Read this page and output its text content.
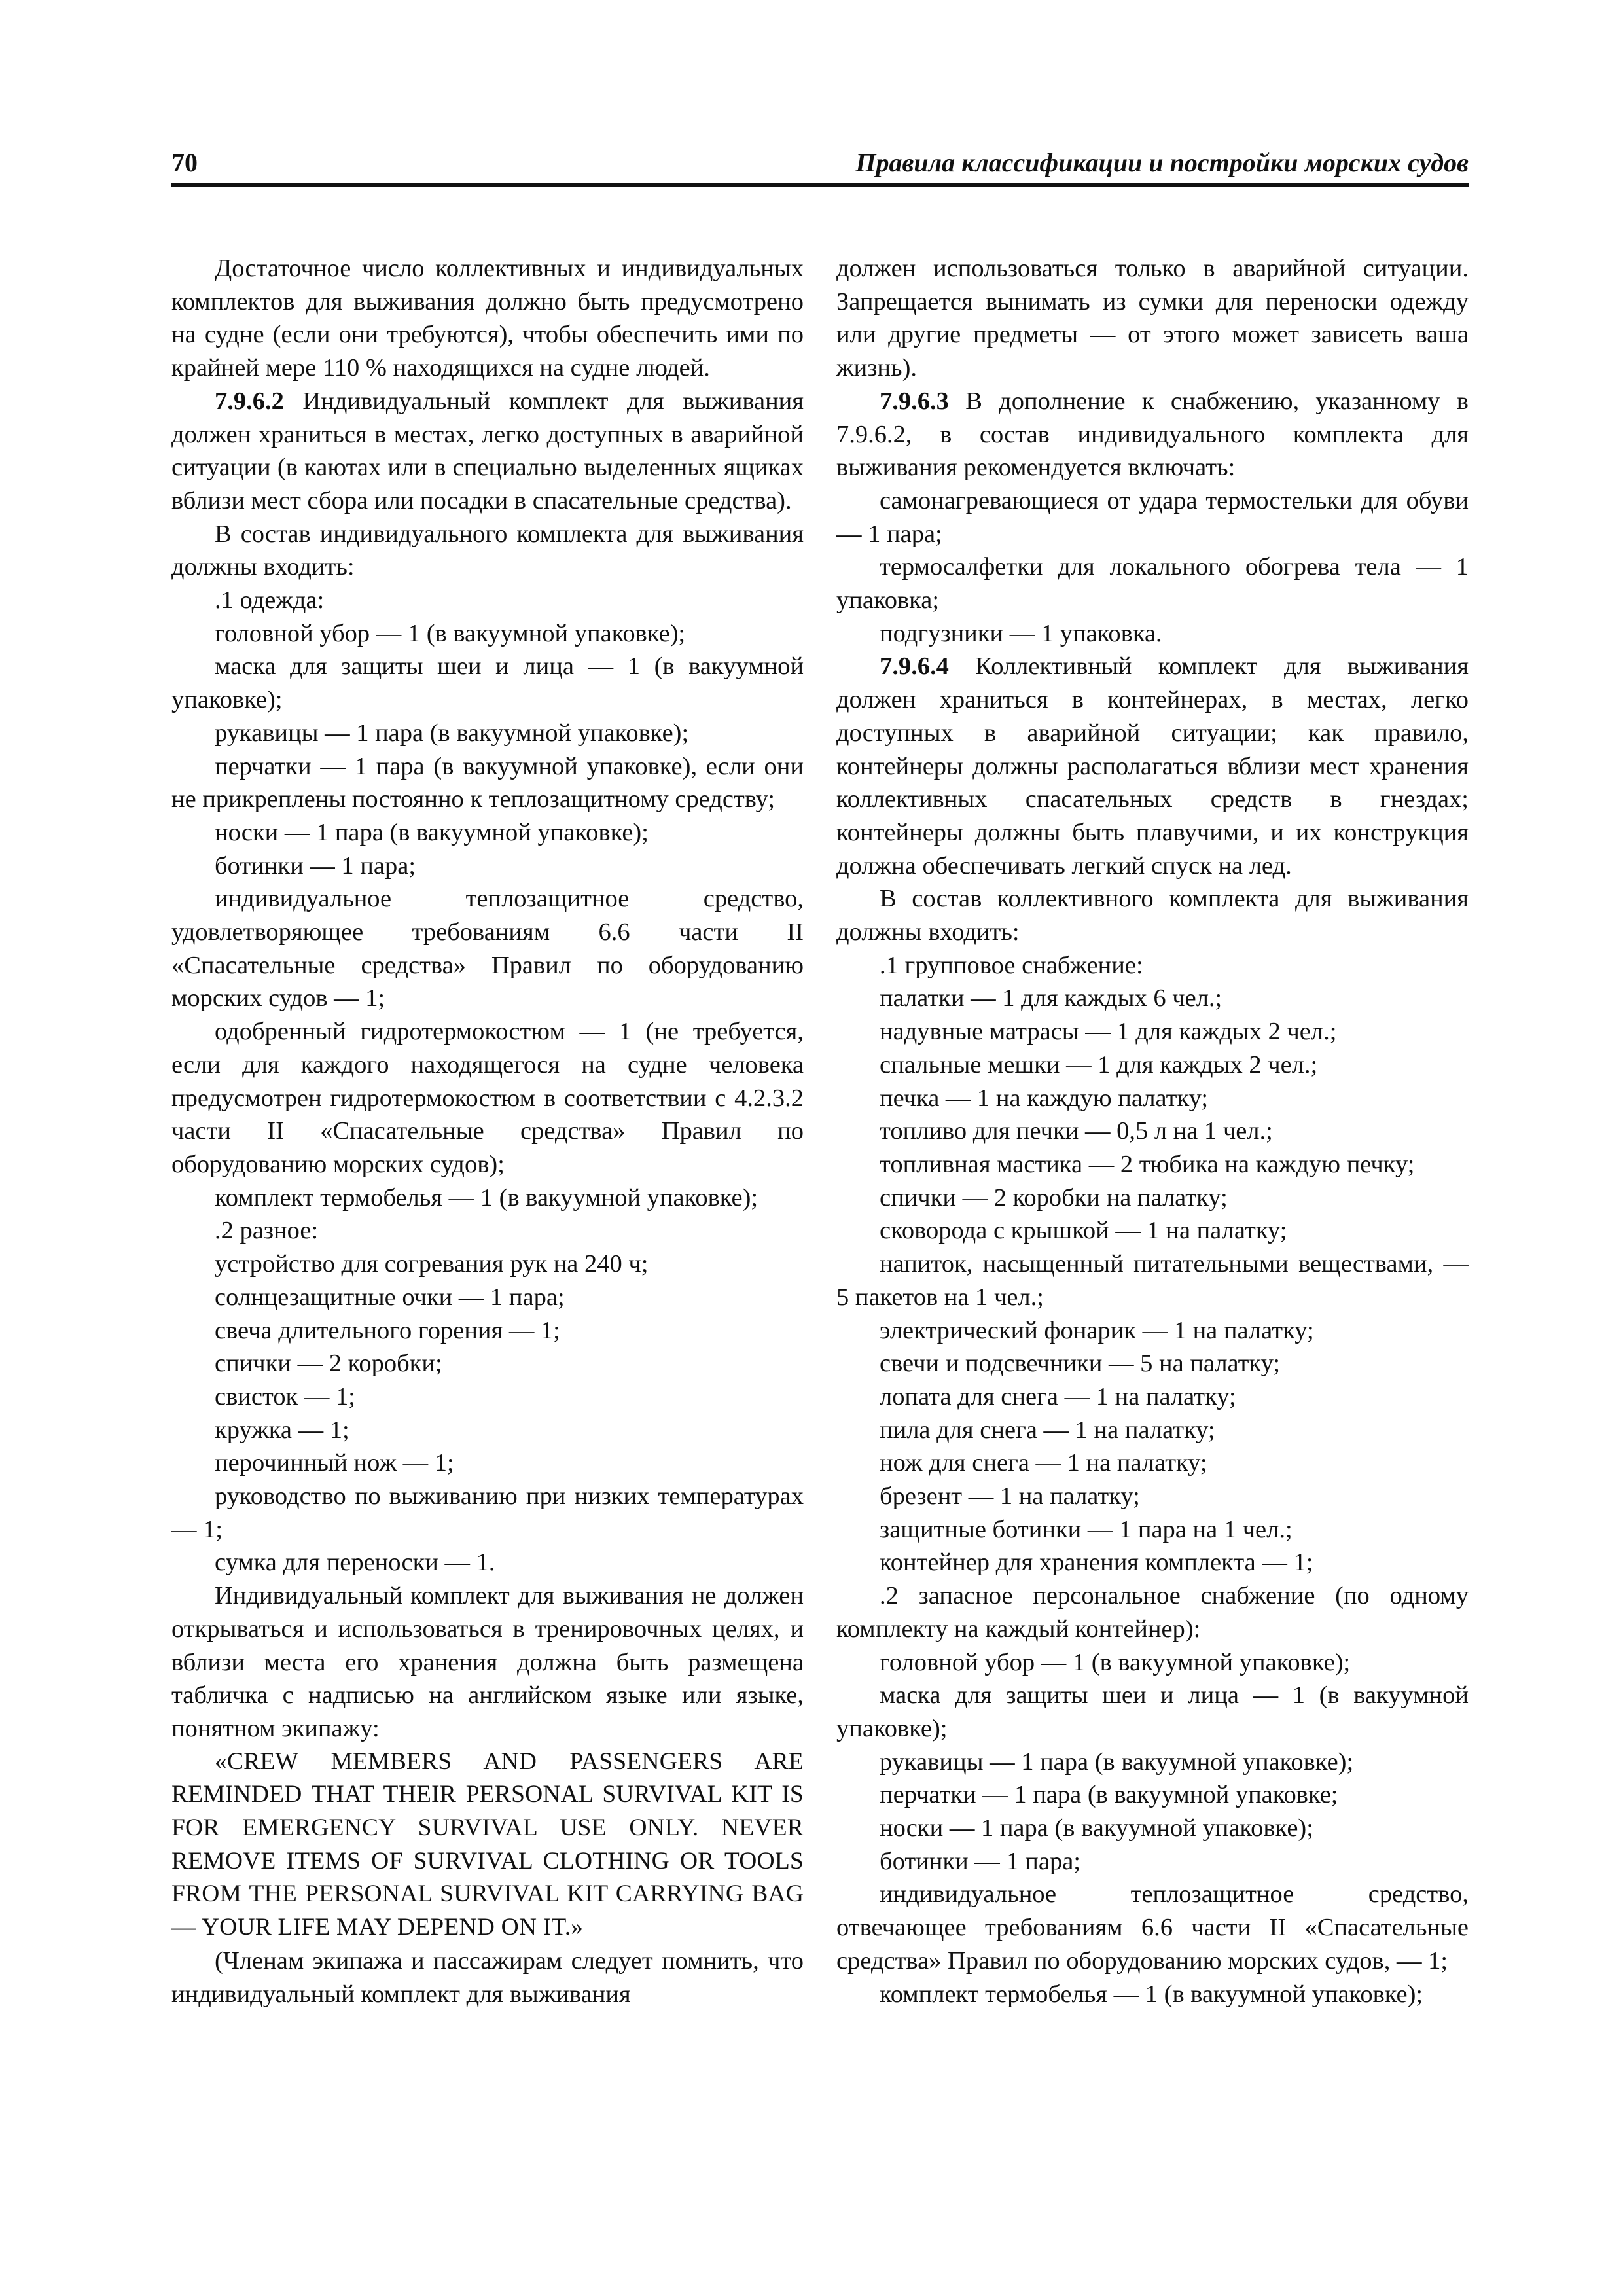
70	Правила классификации и постройки морских судов

Достаточное число коллективных и индивидуальных комплектов для выживания должно быть предусмотрено на судне (если они требуются), чтобы обеспечить ими по крайней мере 110 % находящихся на судне людей.

7.9.6.2 Индивидуальный комплект для выживания должен храниться в местах, легко доступных в аварийной ситуации (в каютах или в специально выделенных ящиках вблизи мест сбора или посадки в спасательные средства).

В состав индивидуального комплекта для выживания должны входить:

.1 одежда:

головной убор — 1 (в вакуумной упаковке);

маска для защиты шеи и лица — 1 (в вакуумной упаковке);

рукавицы — 1 пара (в вакуумной упаковке);

перчатки — 1 пара (в вакуумной упаковке), если они не прикреплены постоянно к теплозащитному средству;

носки — 1 пара (в вакуумной упаковке);

ботинки — 1 пара;

индивидуальное теплозащитное средство, удовлетворяющее требованиям 6.6 части II «Спасательные средства» Правил по оборудованию морских судов — 1;

одобренный гидротермокостюм — 1 (не требуется, если для каждого находящегося на судне человека предусмотрен гидротермокостюм в соответствии с 4.2.3.2 части II «Спасательные средства» Правил по оборудованию морских судов);

комплект термобелья — 1 (в вакуумной упаковке);

.2 разное:

устройство для согревания рук на 240 ч;

солнцезащитные очки — 1 пара;

свеча длительного горения — 1;

спички — 2 коробки;

свисток — 1;

кружка — 1;

перочинный нож — 1;

руководство по выживанию при низких температурах — 1;

сумка для переноски — 1.

Индивидуальный комплект для выживания не должен открываться и использоваться в тренировочных целях, и вблизи места его хранения должна быть размещена табличка с надписью на английском языке или языке, понятном экипажу:

«CREW MEMBERS AND PASSENGERS ARE REMINDED THAT THEIR PERSONAL SURVIVAL KIT IS FOR EMERGENCY SURVIVAL USE ONLY. NEVER REMOVE ITEMS OF SURVIVAL CLOTHING OR TOOLS FROM THE PERSONAL SURVIVAL KIT CARRYING BAG — YOUR LIFE MAY DEPEND ON IT.»

(Членам экипажа и пассажирам следует помнить, что индивидуальный комплект для выживания

должен использоваться только в аварийной ситуации. Запрещается вынимать из сумки для переноски одежду или другие предметы — от этого может зависеть ваша жизнь).

7.9.6.3 В дополнение к снабжению, указанному в 7.9.6.2, в состав индивидуального комплекта для выживания рекомендуется включать:

самонагревающиеся от удара термостельки для обуви — 1 пара;

термосалфетки для локального обогрева тела — 1 упаковка;

подгузники — 1 упаковка.

7.9.6.4 Коллективный комплект для выживания должен храниться в контейнерах, в местах, легко доступных в аварийной ситуации; как правило, контейнеры должны располагаться вблизи мест хранения коллективных спасательных средств в гнездах; контейнеры должны быть плавучими, и их конструкция должна обеспечивать легкий спуск на лед.

В состав коллективного комплекта для выживания должны входить:

.1 групповое снабжение:

палатки — 1 для каждых 6 чел.;

надувные матрасы — 1 для каждых 2 чел.;

спальные мешки — 1 для каждых 2 чел.;

печка — 1 на каждую палатку;

топливо для печки — 0,5 л на 1 чел.;

топливная мастика — 2 тюбика на каждую печку;

спички — 2 коробки на палатку;

сковорода с крышкой — 1 на палатку;

напиток, насыщенный питательными веществами, — 5 пакетов на 1 чел.;

электрический фонарик — 1 на палатку;

свечи и подсвечники — 5 на палатку;

лопата для снега — 1 на палатку;

пила для снега — 1 на палатку;

нож для снега — 1 на палатку;

брезент — 1 на палатку;

защитные ботинки — 1 пара на 1 чел.;

контейнер для хранения комплекта — 1;

.2 запасное персональное снабжение (по одному комплекту на каждый контейнер):

головной убор — 1 (в вакуумной упаковке);

маска для защиты шеи и лица — 1 (в вакуумной упаковке);

рукавицы — 1 пара (в вакуумной упаковке);

перчатки — 1 пара (в вакуумной упаковке;

носки — 1 пара (в вакуумной упаковке);

ботинки — 1 пара;

индивидуальное теплозащитное средство, отвечающее требованиям 6.6 части II «Спасательные средства» Правил по оборудованию морских судов, — 1;

комплект термобелья — 1 (в вакуумной упаковке);
